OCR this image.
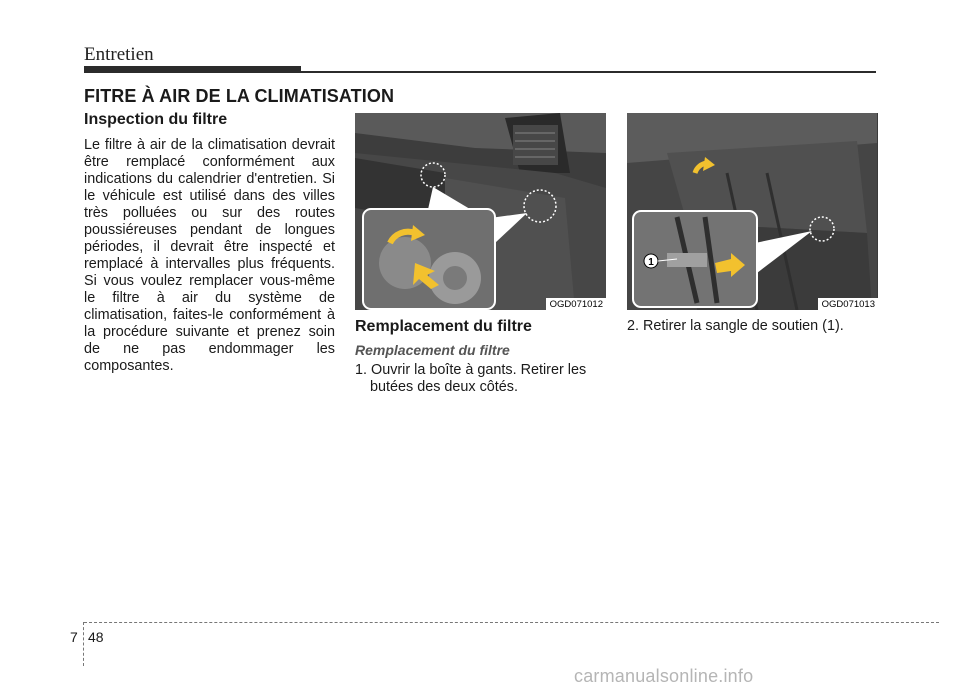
Entretien
FITRE À AIR DE LA CLIMATISATION
Inspection du filtre

Le filtre à air de la climatisation devrait être remplacé conformément aux indications du calendrier d'entretien. Si le véhicule est utilisé dans des villes très polluées ou sur des routes poussiéreuses pendant de longues périodes, il devrait être inspecté et remplacé à intervalles plus fréquents. Si vous voulez remplacer vous-même le filtre à air du système de climatisation, faites-le conformément à la procédure suivante et prenez soin de ne pas endommager les composantes.

OGD071012
Remplacement du filtre
Remplacement du filtre

1. Ouvrir la boîte à gants. Retirer les butées des deux côtés.

1
OGD071013

2. Retirer la sangle de soutien (1).

7 48
carmanualsonline.info
